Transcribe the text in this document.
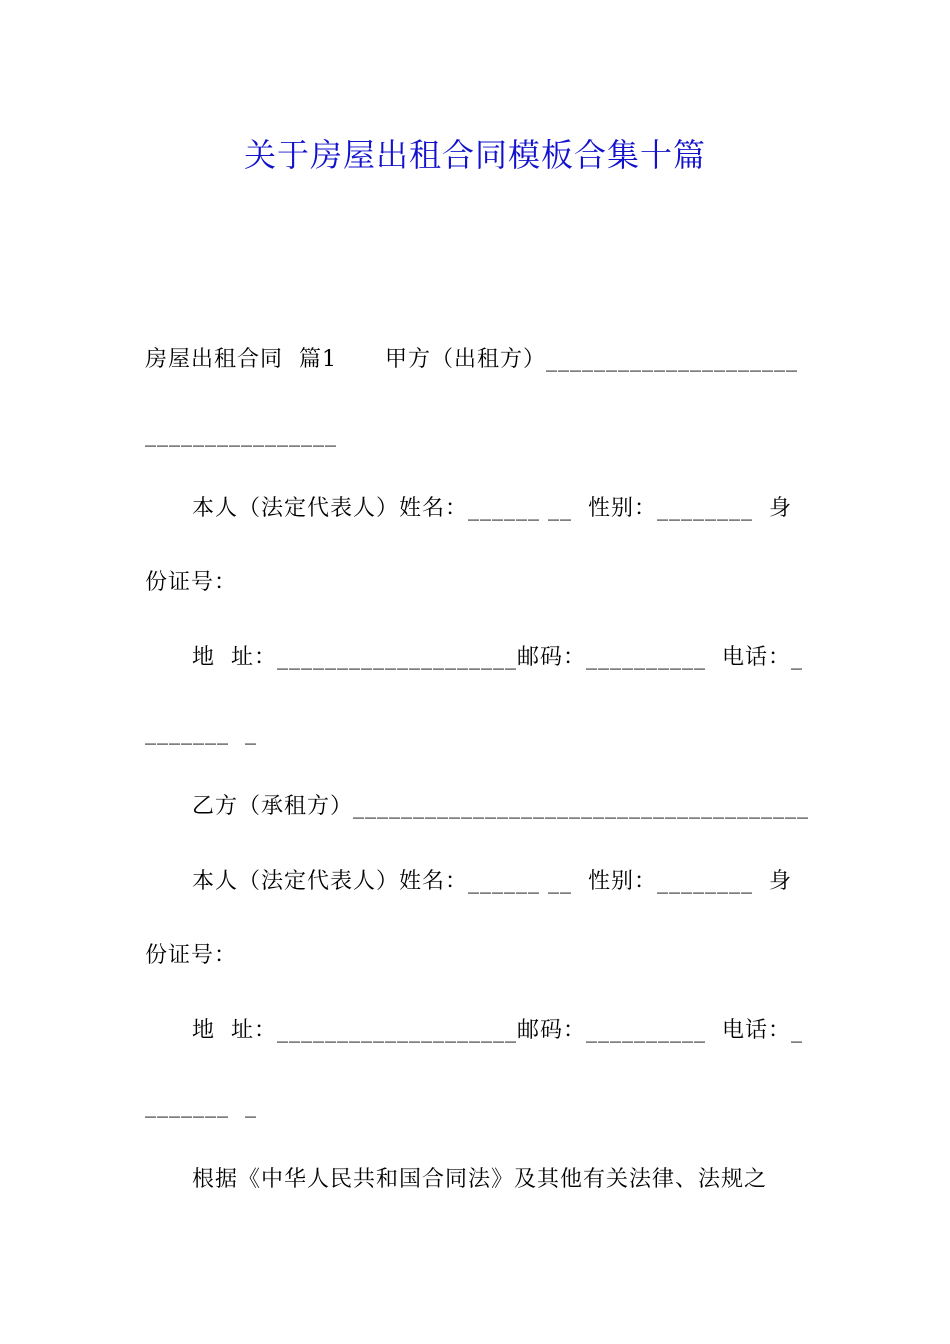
关于房屋出租合同模板合集十篇
房屋出租合同  篇1      甲方（出租方）_____________________
________________
本人（法定代表人）姓名：______ __  性别：________  身
份证号：
地  址：____________________邮码：__________  电话：_
_______  _
乙方（承租方）______________________________________
本人（法定代表人）姓名：______ __  性别：________  身
份证号：
地  址：____________________邮码：__________  电话：_
_______  _
根据《中华人民共和国合同法》及其他有关法律、法规之
